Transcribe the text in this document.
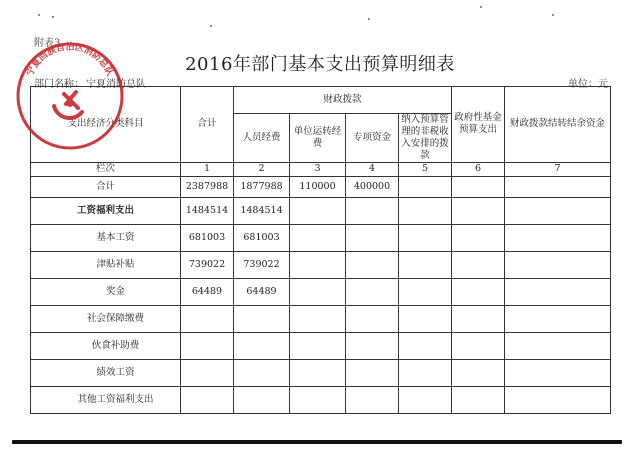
附表3
2016年部门基本支出预算明细表
部门名称： 宁夏消防总队	单位：元
支出经济分类科目	合计	财政拨款				政府性基金预算支出	财政拨款结转结余资金
		人员经费	单位运转经费	专项资金	纳入预算管理的非税收入安排的拨款		
栏次	1	2	3	4	5	6	7
合计	2387988	1877988	110000	400000			
工资福利支出	1484514	1484514					
基本工资	681003	681003					
津贴补贴	739022	739022					
奖金	64489	64489					
社会保障缴费							
伙食补助费							
绩效工资							
其他工资福利支出							
宁夏回族自治区消防总队
